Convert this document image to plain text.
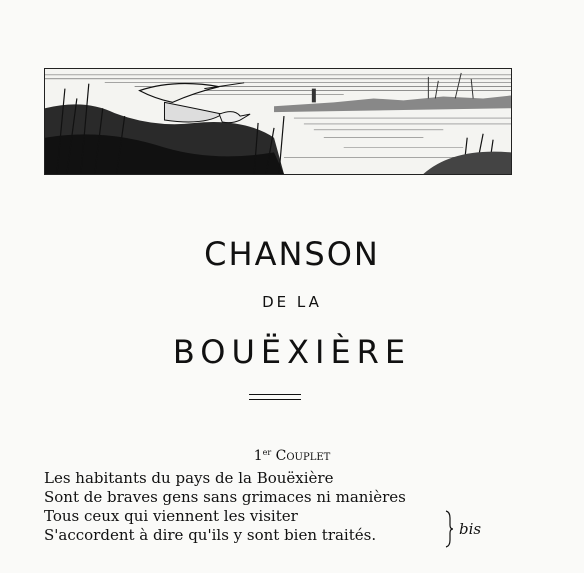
CHANSON
DE LA
BOUËXIÈRE
1er Couplet
Les habitants du pays de la Bouëxière
Sont de braves gens sans grimaces ni manières
Tous ceux qui viennent les visiter
S'accordent à dire qu'ils y sont bien traités.	bis
